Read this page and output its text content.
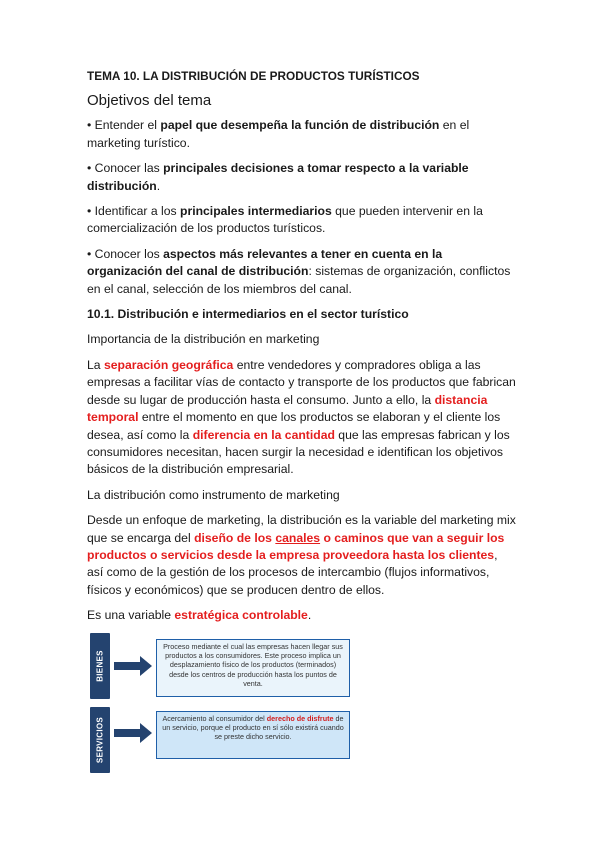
TEMA 10. LA DISTRIBUCIÓN DE PRODUCTOS TURÍSTICOS
Objetivos del tema

• Entender el papel que desempeña la función de distribución en el marketing turístico.

• Conocer las principales decisiones a tomar respecto a la variable distribución.

• Identificar a los principales intermediarios que pueden intervenir en la comercialización de los productos turísticos.

• Conocer los aspectos más relevantes a tener en cuenta en la organización del canal de distribución: sistemas de organización, conflictos en el canal, selección de los miembros del canal.

10.1. Distribución e intermediarios en el sector turístico

Importancia de la distribución en marketing

La separación geográfica entre vendedores y compradores obliga a las empresas a facilitar vías de contacto y transporte de los productos que fabrican desde su lugar de producción hasta el consumo. Junto a ello, la distancia temporal entre el momento en que los productos se elaboran y el cliente los desea, así como la diferencia en la cantidad que las empresas fabrican y los consumidores necesitan, hacen surgir la necesidad e identifican los objetivos básicos de la distribución empresarial.

La distribución como instrumento de marketing

Desde un enfoque de marketing, la distribución es la variable del marketing mix que se encarga del diseño de los canales o caminos que van a seguir los productos o servicios desde la empresa proveedora hasta los clientes, así como de la gestión de los procesos de intercambio (flujos informativos, físicos y económicos) que se producen dentro de ellos.

Es una variable estratégica controlable.

BIENES
Proceso mediante el cual las empresas hacen llegar sus productos a los consumidores. Este proceso implica un desplazamiento físico de los productos (terminados) desde los centros de producción hasta los puntos de venta.
SERVICIOS	Acercamiento al consumidor del derecho de disfrute de un servicio, porque el producto en sí sólo existirá cuando se preste dicho servicio.
